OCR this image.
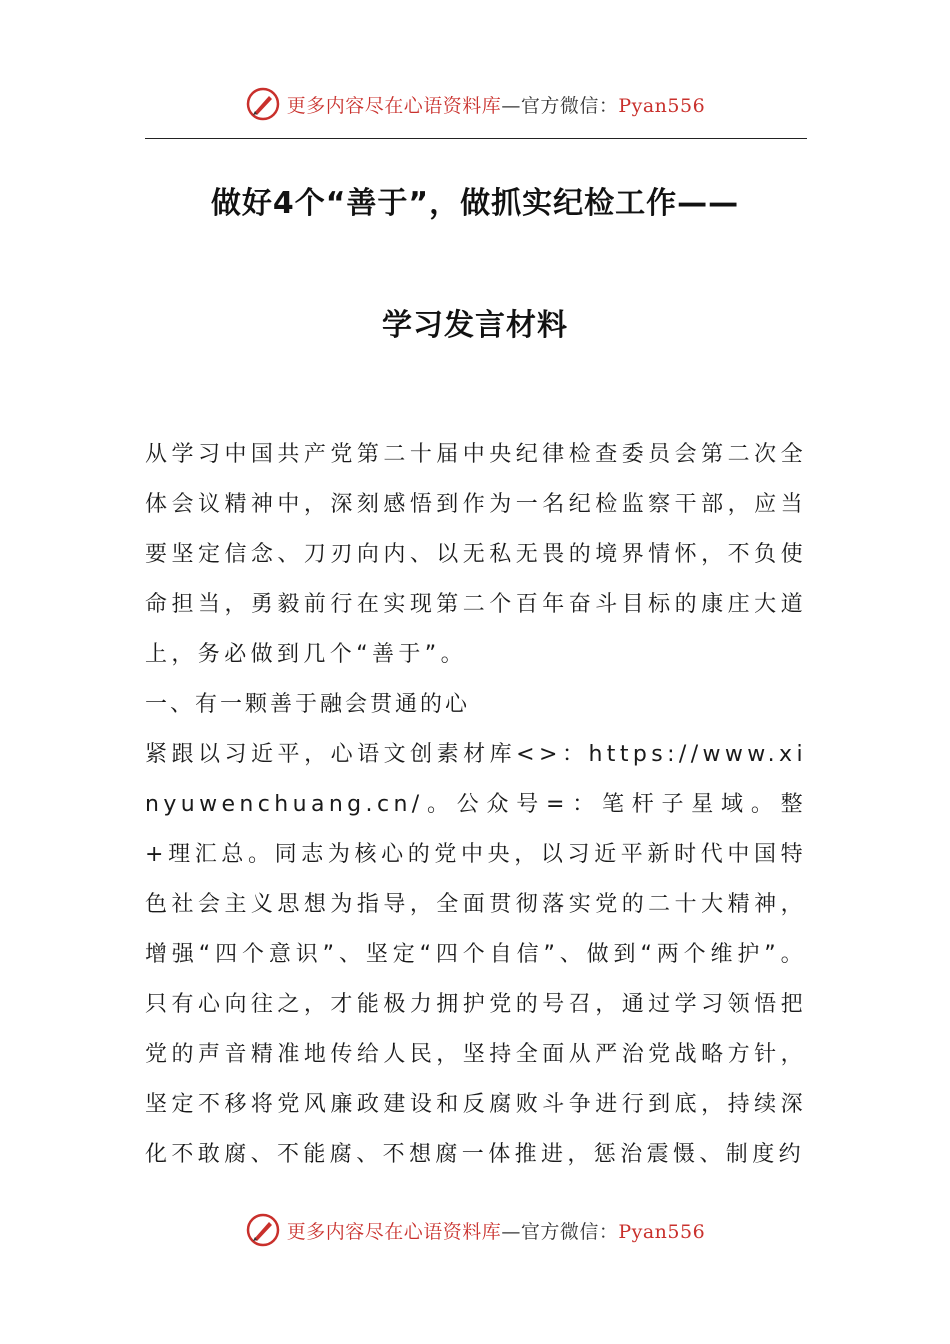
更多内容尽在心语资料库—官方微信：Pyan556
做好4个“善于”，做抓实纪检工作——
学习发言材料

从学习中国共产党第二十届中央纪律检查委员会第二次全体会议精神中，深刻感悟到作为一名纪检监察干部，应当要坚定信念、刀刃向内、以无私无畏的境界情怀，不负使命担当，勇毅前行在实现第二个百年奋斗目标的康庄大道上，务必做到几个“善于”。

一、有一颗善于融会贯通的心

紧跟以习近平，心语文创素材库<>：https://www.xinyuwenchuang.cn/。公众号=：笔杆子星域。整+理汇总。同志为核心的党中央，以习近平新时代中国特色社会主义思想为指导，全面贯彻落实党的二十大精神，增强“四个意识”、坚定“四个自信”、做到“两个维护”。只有心向往之，才能极力拥护党的号召，通过学习领悟把党的声音精准地传给人民，坚持全面从严治党战略方针，坚定不移将党风廉政建设和反腐败斗争进行到底，持续深化不敢腐、不能腐、不想腐一体推进，惩治震慑、制度约

更多内容尽在心语资料库—官方微信：Pyan556
